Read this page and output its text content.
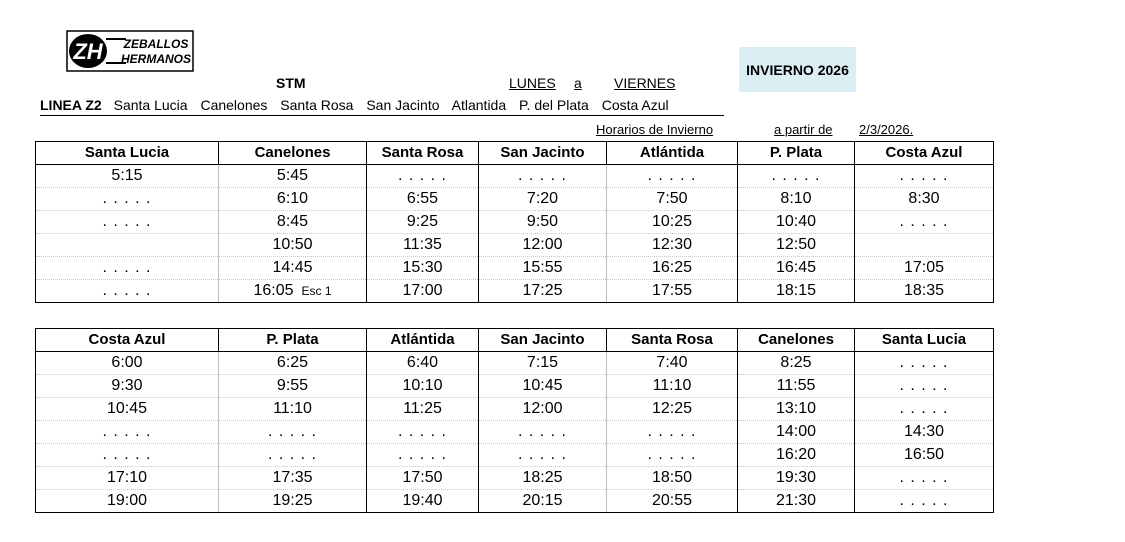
ZH ZEBALLOS
HERMANOS
INVIERNO 2026
STM	LUNES a VIERNES
LINEA Z2 Santa Lucia Canelones Santa Rosa San Jacinto Atlantida P. del Plata Costa Azul
Horarios de Invierno	a partir de 2/3/2026.
Santa Lucia	Canelones	Santa Rosa	San Jacinto	Atlántida	P. Plata	Costa Azul
5:15	5:45	. . . . .	. . . . .	. . . . .	. . . . .	. . . . .
. . . . .	6:10	6:55	7:20	7:50	8:10	8:30
. . . . .	8:45	9:25	9:50	10:25	10:40	. . . . .
	10:50	11:35	12:00	12:30	12:50	
. . . . .	14:45	15:30	15:55	16:25	16:45	17:05
. . . . .	16:05 Esc 1	17:00	17:25	17:55	18:15	18:35
Costa Azul	P. Plata	Atlántida	San Jacinto	Santa Rosa	Canelones	Santa Lucia
6:00	6:25	6:40	7:15	7:40	8:25	. . . . .
9:30	9:55	10:10	10:45	11:10	11:55	. . . . .
10:45	11:10	11:25	12:00	12:25	13:10	. . . . .
. . . . .	. . . . .	. . . . .	. . . . .	. . . . .	14:00	14:30
. . . . .	. . . . .	. . . . .	. . . . .	. . . . .	16:20	16:50
17:10	17:35	17:50	18:25	18:50	19:30	. . . . .
19:00	19:25	19:40	20:15	20:55	21:30	. . . . .
